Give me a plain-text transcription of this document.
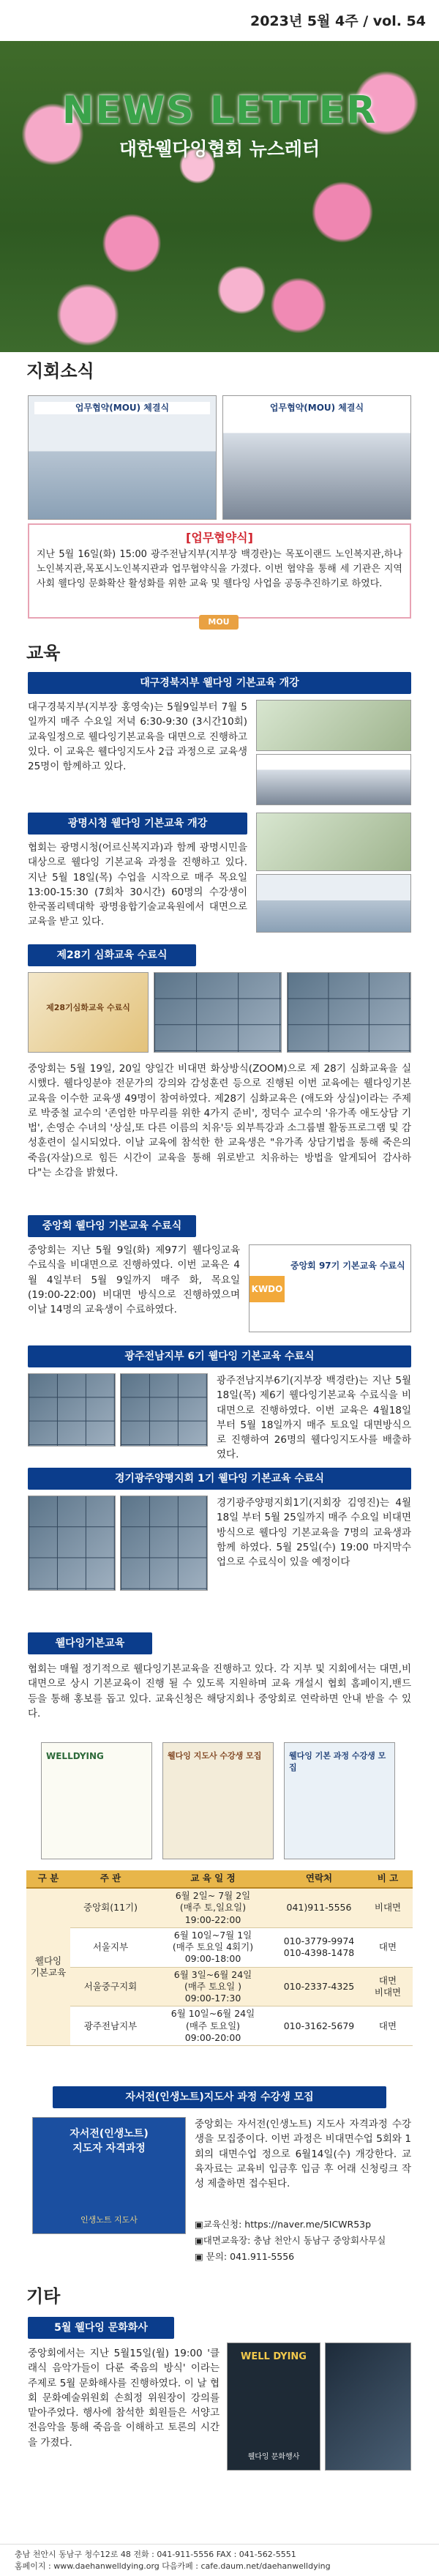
2023년 5월 4주 / vol. 54
NEWS LETTER
대한웰다잉협회 뉴스레터
지회소식
업무협약(MOU) 체결식	업무협약(MOU) 체결식
[업무협약식]
지난 5월 16일(화) 15:00 광주전남지부(지부장 백경란)는 목포이랜드 노인복지관,하나노인복지관,목포시노인복지관과 업무협약식을 가졌다. 이번 협약을 통해 세 기관은 지역사회 웰다잉 문화확산 활성화를 위한 교육 및 웰다잉 사업을 공동추진하기로 하였다.
MOU
교육
대구경북지부 웰다잉 기본교육 개강
대구경북지부(지부장 홍영숙)는 5월9일부터 7월 5일까지 매주 수요일 저녁 6:30-9:30 (3시간10회)교육일정으로 웰다잉기본교육을 대면으로 진행하고 있다. 이 교육은 웰다잉지도사 2급 과정으로 교육생 25명이 함께하고 있다.
광명시청 웰다잉 기본교육 개강
협회는 광명시청(어르신복지과)과 함께 광명시민을 대상으로 웰다잉 기본교육 과정을 진행하고 있다. 지난 5월 18일(목) 수업을 시작으로 매주 목요일 13:00-15:30 (7회차 30시간) 60명의 수강생이 한국폴리텍대학 광명융합기술교육원에서 대면으로 교육을 받고 있다.
제28기 심화교육 수료식
제28기심화교육 수료식
중앙회는 5월 19일, 20일 양일간 비대면 화상방식(ZOOM)으로 제 28기 심화교육을 실시했다. 웰다잉분야 전문가의 강의와 감성훈련 등으로 진행된 이번 교육에는 웰다잉기본교육을 이수한 교육생 49명이 참여하였다. 제28기 심화교육은 (애도와 상실)이라는 주제로 박중철 교수의 '존엄한 마무리를 위한 4가지 준비', 정덕수 교수의 '유가족 애도상담 기법', 손영순 수녀의 '상실,또 다른 이름의 치유'등 외부특강과 소그룹별 활동프로그램 및 감성훈련이 실시되었다. 이날 교육에 참석한 한 교육생은 "유가족 상담기법을 통해 죽은의 죽음(자살)으로 힘든 시간이 교육을 통해 위로받고 치유하는 방법을 알게되어 감사하다"는 소감을 밝혔다.
중앙회 웰다잉 기본교육 수료식
중앙회는 지난 5월 9일(화) 제97기 웰다잉교육 수료식을 비대면으로 진행하였다. 이번 교육은 4월 4일부터 5월 9일까지 매주 화, 목요일 (19:00-22:00) 비대면 방식으로 진행하였으며 이날 14명의 교육생이 수료하였다.
KWDO
중앙회 97기 기본교육 수료식
광주전남지부 6기 웰다잉 기본교육 수료식
광주전남지부6기(지부장 백경란)는 지난 5월18일(목) 제6기 웰다잉기본교육 수료식을 비대면으로 진행하였다. 이번 교육은 4월18일 부터 5월 18일까지 매주 토요일 대면방식으로 진행하여 26명의 웰다잉지도사를 배출하였다.
경기광주양평지회 1기 웰다잉 기본교육 수료식
경기광주양평지회1기(지회장 김영진)는 4월18일 부터 5월 25일까지 매주 수요일 비대면 방식으로 웰다잉 기본교육을 7명의 교육생과 함께 하였다. 5월 25일(수) 19:00 마지막수업으로 수료식이 있을 예정이다
웰다잉기본교육
협회는 매월 정기적으로 웰다잉기본교육을 진행하고 있다. 각 지부 및 지회에서는 대면,비대면으로 상시 기본교육이 진행 될 수 있도록 지원하며 교육 개설시 협회 홈페이지,밴드 등을 통해 홍보를 돕고 있다. 교육신청은 해당지회나 중앙회로 연락하면 안내 받을 수 있다.
WELLDYING	웰다잉 지도사 수강생 모집	웰다잉 기본 과정 수강생 모집
구 분	주 관	교 육 일 정	연락처	비 고
웰다잉
기본교육	중앙회(11기)	6월 2일~ 7월 2일
(매주 토,일요일)
19:00-22:00	041)911-5556	비대면
	서울지부	6월 10일~7월 1일
(매주 토요일 4회기)
09:00-18:00	010-3779-9974
010-4398-1478	대면
	서울중구지회	6월 3일~6월 24일
(매주 토요일 )
09:00-17:30	010-2337-4325	대면
비대면
	광주전남지부	6월 10일~6월 24일
(매주 토요일)
09:00-20:00	010-3162-5679	대면
자서전(인생노트)지도사 과정 수강생 모집
자서전(인생노트)
지도자 자격과정
인생노트 지도사
중앙회는 자서전(인생노트) 지도사 자격과정 수강생을 모집중이다. 이번 과정은 비대면수업 5회와 1회의 대면수업 정으로 6월14일(수) 개강한다. 교육자료는 교육비 입금후 입금 후 어래 신청링크 작성 제출하면 접수된다.
▣교육신청: https://naver.me/5ICWR53p
▣대면교육장: 충남 천안시 동남구 중앙회사무실
▣ 문의: 041.911-5556
기타
5월 웰다잉 문화화사
중앙회에서는 지난 5월15일(월) 19:00 '클래식 음악가들이 다룬 죽음의 방식' 이라는 주제로 5월 문화해사를 진행하였다. 이 날 협회 문화예술위원회 손희정 위원장이 강의를 맡아주었다. 행사에 참석한 회원들은 서양고전음악을 통해 죽음을 이해하고 토론의 시간을 가졌다.
WELL DYING
웰다잉 문화행사
충남 천안시 동남구 청수12로 48 전화 : 041-911-5556 FAX : 041-562-5551
홈페이지 : www.daehanwelldying.org 다음카페 : cafe.daum.net/daehanwelldying
